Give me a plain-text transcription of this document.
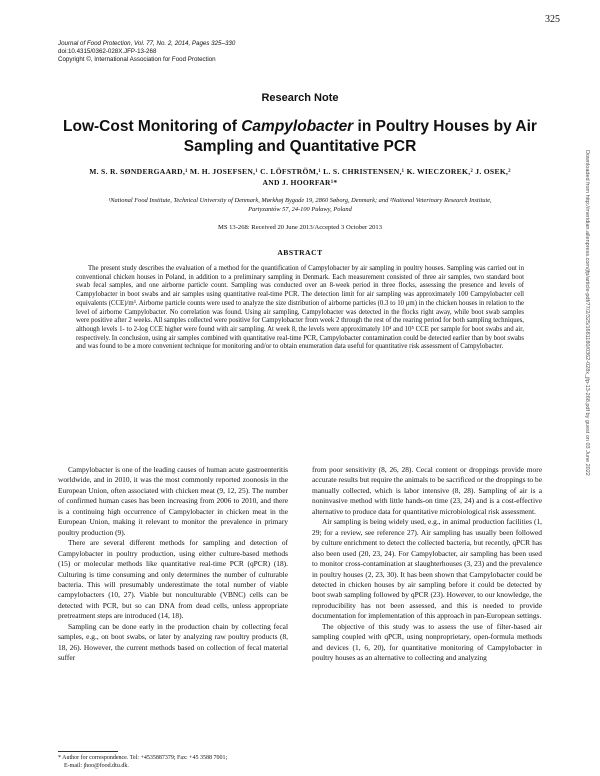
325
Downloaded from http://meridian.allenpress.com/jfp/article-pdf/77/2/325/1681180/0362-028x_jfp-13-268.pdf by guest on 03 June 2022
Journal of Food Protection, Vol. 77, No. 2, 2014, Pages 325–330
doi:10.4315/0362-028X.JFP-13-268
Copyright ©, International Association for Food Protection
Research Note
Low-Cost Monitoring of Campylobacter in Poultry Houses by Air Sampling and Quantitative PCR
M. S. R. SØNDERGAARD,¹ M. H. JOSEFSEN,¹ C. LÖFSTRÖM,¹ L. S. CHRISTENSEN,¹ K. WIECZOREK,² J. OSEK,²
AND J. HOORFAR¹*
¹National Food Institute, Technical University of Denmark, Mørkhøj Bygade 19, 2860 Søborg, Denmark; and ²National Veterinary Research Institute,
Partyzantów 57, 24-100 Puławy, Poland
MS 13-268: Received 20 June 2013/Accepted 3 October 2013
ABSTRACT
The present study describes the evaluation of a method for the quantification of Campylobacter by air sampling in poultry houses. Sampling was carried out in conventional chicken houses in Poland, in addition to a preliminary sampling in Denmark. Each measurement consisted of three air samples, two standard boot swab fecal samples, and one airborne particle count. Sampling was conducted over an 8-week period in three flocks, assessing the presence and levels of Campylobacter in boot swabs and air samples using quantitative real-time PCR. The detection limit for air sampling was approximately 100 Campylobacter cell equivalents (CCE)/m³. Airborne particle counts were used to analyze the size distribution of airborne particles (0.3 to 10 μm) in the chicken houses in relation to the level of airborne Campylobacter. No correlation was found. Using air sampling, Campylobacter was detected in the flocks right away, while boot swab samples were positive after 2 weeks. All samples collected were positive for Campylobacter from week 2 through the rest of the rearing period for both sampling techniques, although levels 1- to 2-log CCE higher were found with air sampling. At week 8, the levels were approximately 10⁴ and 10⁵ CCE per sample for boot swabs and air, respectively. In conclusion, using air samples combined with quantitative real-time PCR, Campylobacter contamination could be detected earlier than by boot swabs and was found to be a more convenient technique for monitoring and/or to obtain enumeration data useful for quantitative risk assessment of Campylobacter.

Campylobacter is one of the leading causes of human acute gastroenteritis worldwide, and in 2010, it was the most commonly reported zoonosis in the European Union, often associated with chicken meat (9, 12, 25). The number of confirmed human cases has been increasing from 2006 to 2010, and there is a continuing high occurrence of Campylobacter in chicken meat in the European Union, making it relevant to monitor the prevalence in primary poultry production (9).

There are several different methods for sampling and detection of Campylobacter in poultry production, using either culture-based methods (15) or molecular methods like quantitative real-time PCR (qPCR) (18). Culturing is time consuming and only determines the number of culturable bacteria. This will presumably underestimate the total number of viable campylobacters (10, 27). Viable but nonculturable (VBNC) cells can be detected with PCR, but so can DNA from dead cells, unless appropriate pretreatment steps are introduced (14, 18).

Sampling can be done early in the production chain by collecting fecal samples, e.g., on boot swabs, or later by analyzing raw poultry products (8, 18, 26). However, the current methods based on collection of fecal material suffer

from poor sensitivity (8, 26, 28). Cecal content or droppings provide more accurate results but require the animals to be sacrificed or the droppings to be manually collected, which is labor intensive (8, 28). Sampling of air is a noninvasive method with little hands-on time (23, 24) and is a cost-effective alternative to produce data for quantitative microbiological risk assessment.

Air sampling is being widely used, e.g., in animal production facilities (1, 29; for a review, see reference 27). Air sampling has usually been followed by culture enrichment to detect the collected bacteria, but recently, qPCR has also been used (20, 23, 24). For Campylobacter, air sampling has been used to monitor cross-contamination at slaughterhouses (3, 23) and the prevalence in poultry houses (2, 23, 30). It has been shown that Campylobacter could be detected in chicken houses by air sampling before it could be detected by boot swab sampling followed by qPCR (23). However, to our knowledge, the reproducibility has not been assessed, and this is needed to provide documentation for implementation of this approach in pan-European settings.

The objective of this study was to assess the use of filter-based air sampling coupled with qPCR, using nonproprietary, open-formula methods and devices (1, 6, 20), for quantitative monitoring of Campylobacter in poultry houses as an alternative to collecting and analyzing

* Author for correspondence. Tel: +4535887379; Fax: +45 3588 7001;
E-mail: jhoo@food.dtu.dk.
